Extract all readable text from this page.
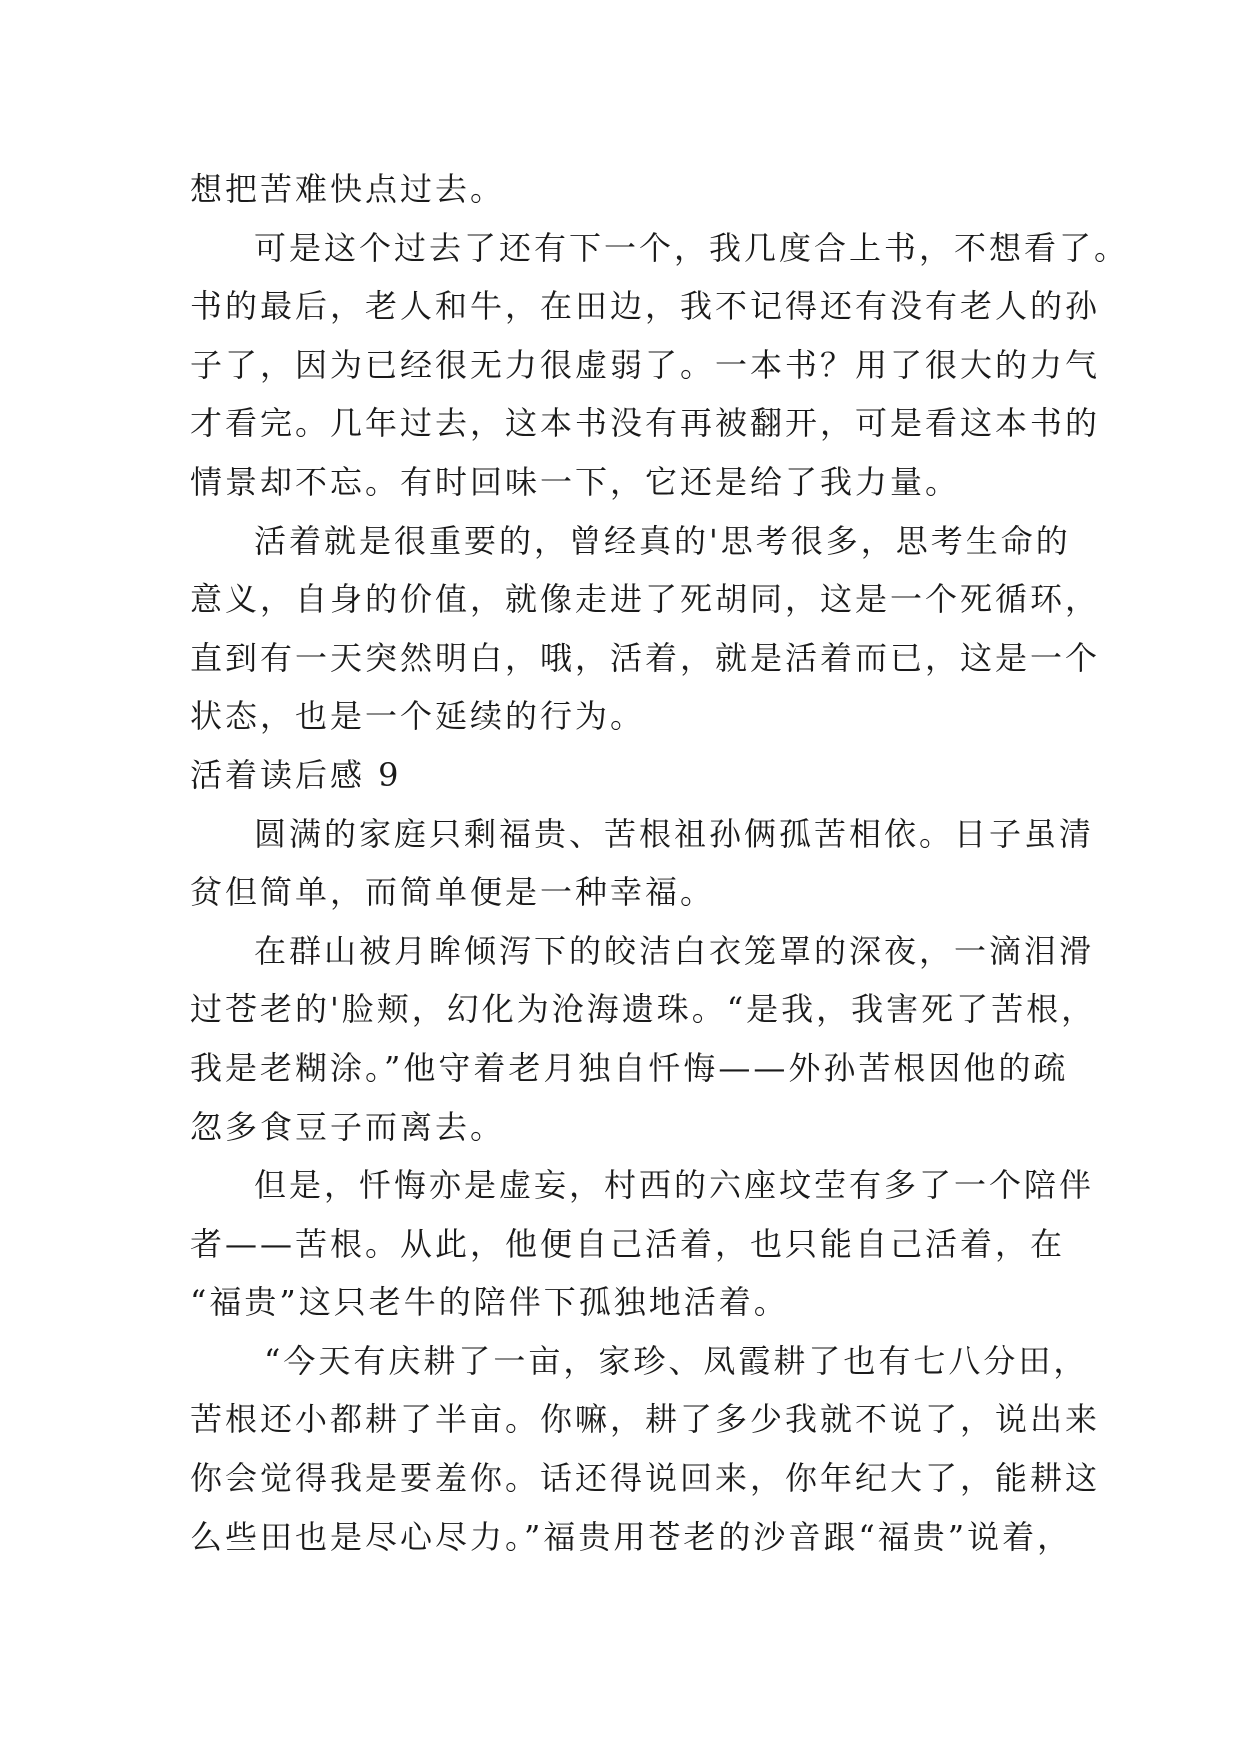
想把苦难快点过去。
可是这个过去了还有下一个，我几度合上书，不想看了。
书的最后，老人和牛，在田边，我不记得还有没有老人的孙
子了，因为已经很无力很虚弱了。一本书？用了很大的力气
才看完。几年过去，这本书没有再被翻开，可是看这本书的
情景却不忘。有时回味一下，它还是给了我力量。
活着就是很重要的，曾经真的'思考很多，思考生命的
意义，自身的价值，就像走进了死胡同，这是一个死循环，
直到有一天突然明白，哦，活着，就是活着而已，这是一个
状态，也是一个延续的行为。
活着读后感 9
圆满的家庭只剩福贵、苦根祖孙俩孤苦相依。日子虽清
贫但简单，而简单便是一种幸福。
在群山被月眸倾泻下的皎洁白衣笼罩的深夜，一滴泪滑
过苍老的'脸颊，幻化为沧海遗珠。“是我，我害死了苦根，
我是老糊涂。”他守着老月独自忏悔——外孙苦根因他的疏
忽多食豆子而离去。
但是，忏悔亦是虚妄，村西的六座坟茔有多了一个陪伴
者——苦根。从此，他便自己活着，也只能自己活着，在
“福贵”这只老牛的陪伴下孤独地活着。
“今天有庆耕了一亩，家珍、凤霞耕了也有七八分田，
苦根还小都耕了半亩。你嘛，耕了多少我就不说了，说出来
你会觉得我是要羞你。话还得说回来，你年纪大了，能耕这
么些田也是尽心尽力。”福贵用苍老的沙音跟“福贵”说着，
